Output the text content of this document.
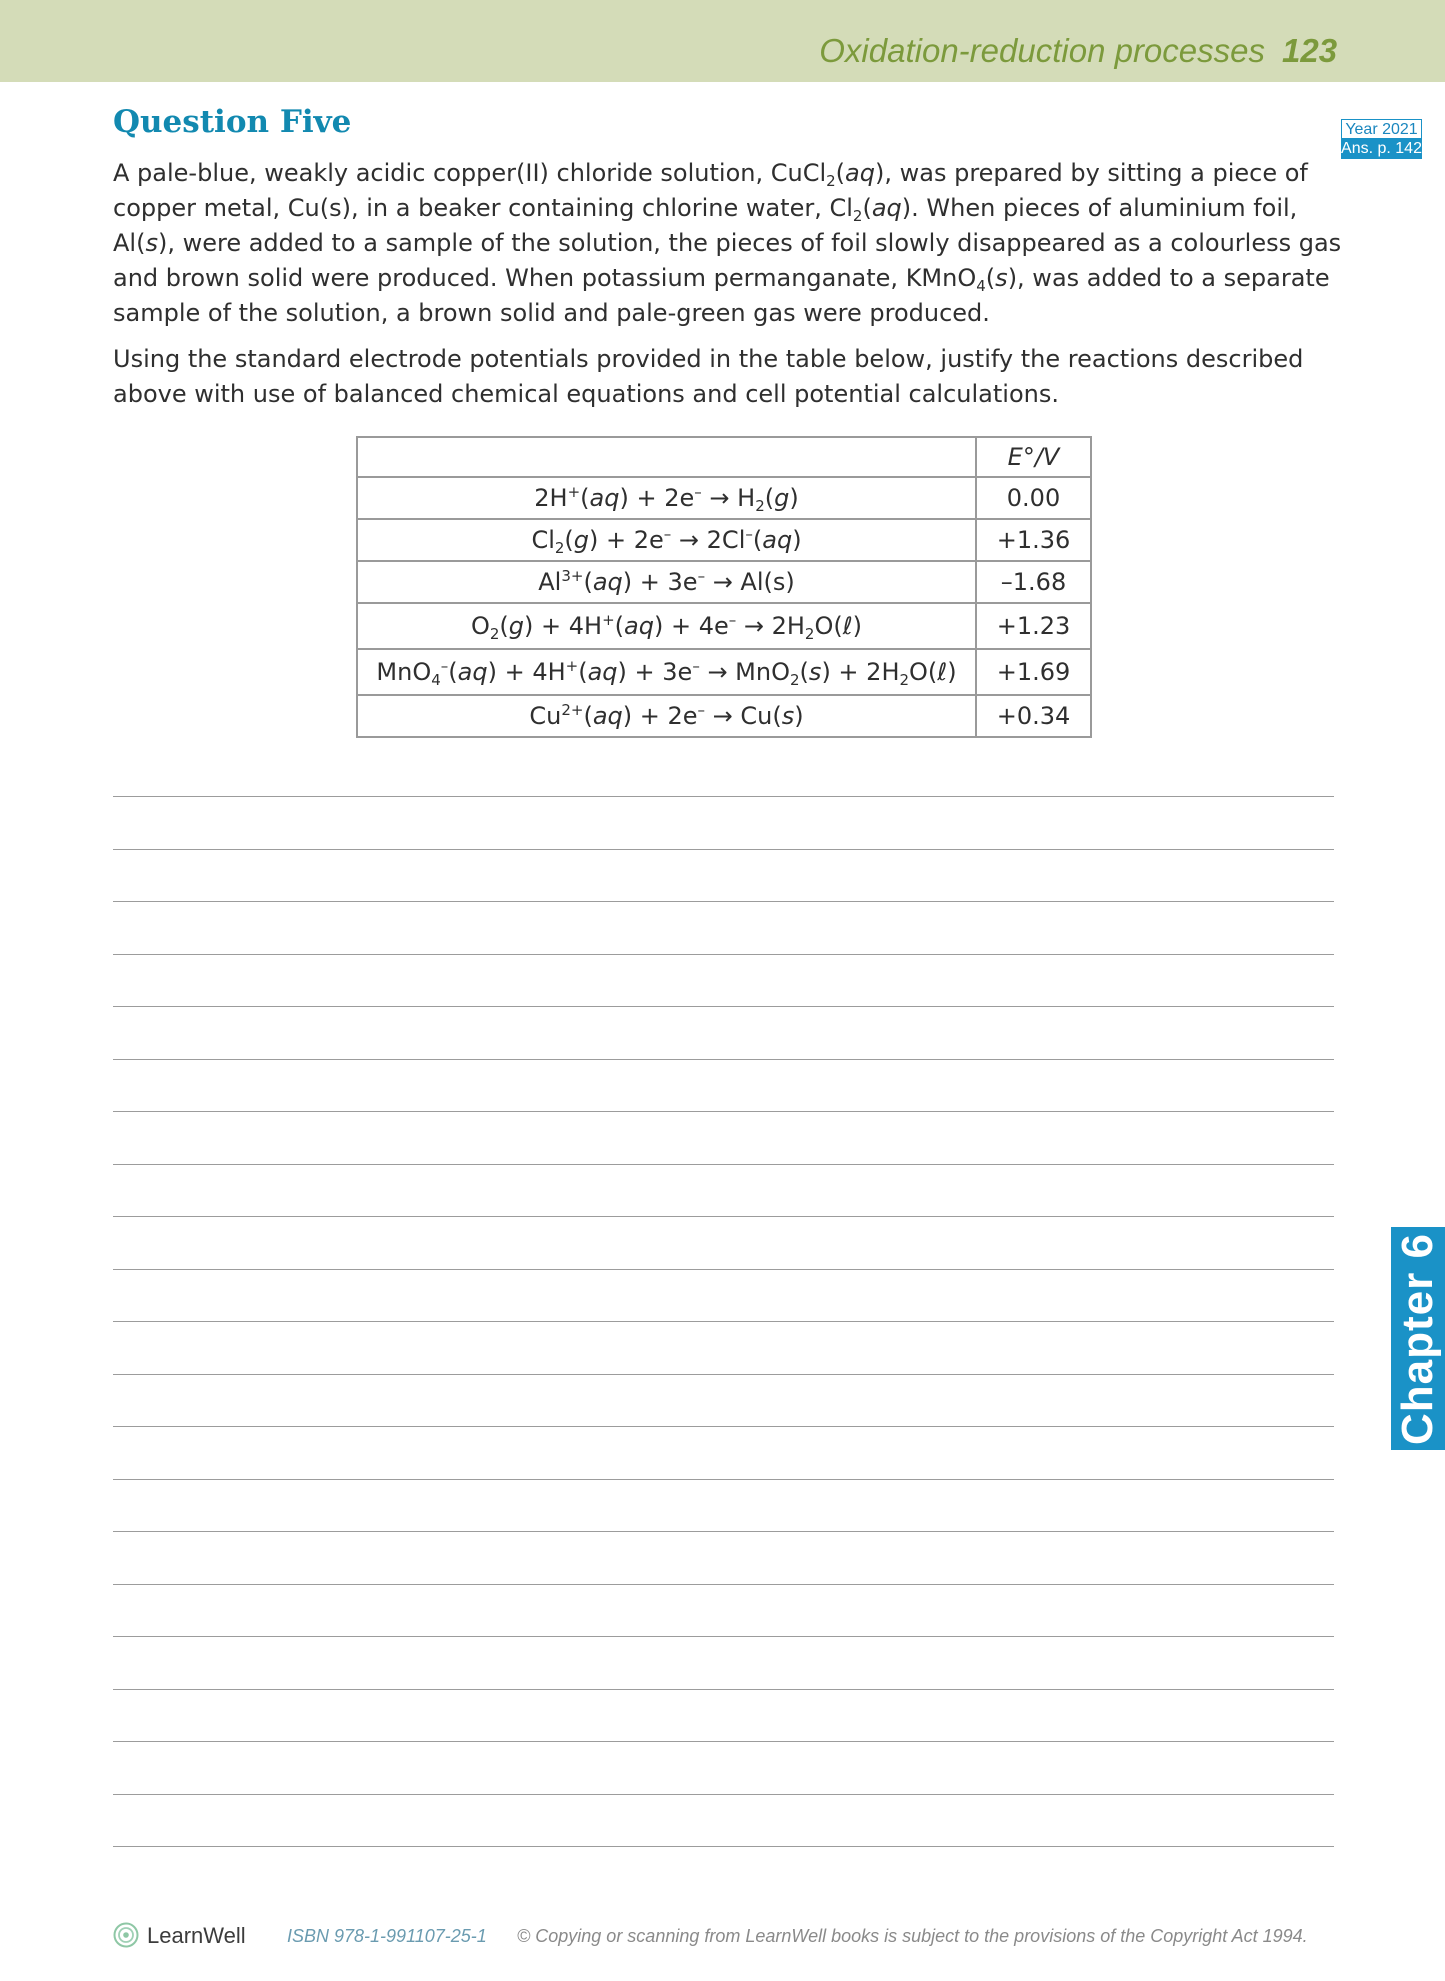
Oxidation-reduction processes 123
Question Five	Year 2021
Ans. p. 142

A pale-blue, weakly acidic copper(II) chloride solution, CuCl$_2$(aq), was prepared by sitting a piece of copper metal, Cu(s), in a beaker containing chlorine water, $Cl_2(aq)$. When pieces of aluminium foil, Al(s), were added to a sample of the solution, the pieces of foil slowly disappeared as a colourless gas and brown solid were produced. When potassium permanganate, KMnO$_4$(s), was added to a separate sample of the solution, a brown solid and pale-green gas were produced.

Using the standard electrode potentials provided in the table below, justify the reactions described above with use of balanced chemical equations and cell potential calculations.

	E°/V
$2H^+(aq) + 2e^- \to H_2(g)$	0.00
$Cl_2(g) + 2e^- \to 2Cl^-(aq)$	+1.36
$Al^{3+}(aq) + 3e^- \to Al(s)$	–1.68
$O_2(g) + 4H^+(aq) + 4e^-$ → $2H_2O(\ell)$	+1.23
$MnO_4^-(aq) + 4H^+(aq) + 3e^- \to MnO_2(s) + 2H_2O(\ell)$	+1.69
$Cu^{2+}(aq) + 2e^- \to Cu(s)$	+0.34
Chapter 6
LearnWell ISBN 978-1-991107-25-1 © Copying or scanning from LearnWell books is subject to the provisions of the Copyright Act 1994.
